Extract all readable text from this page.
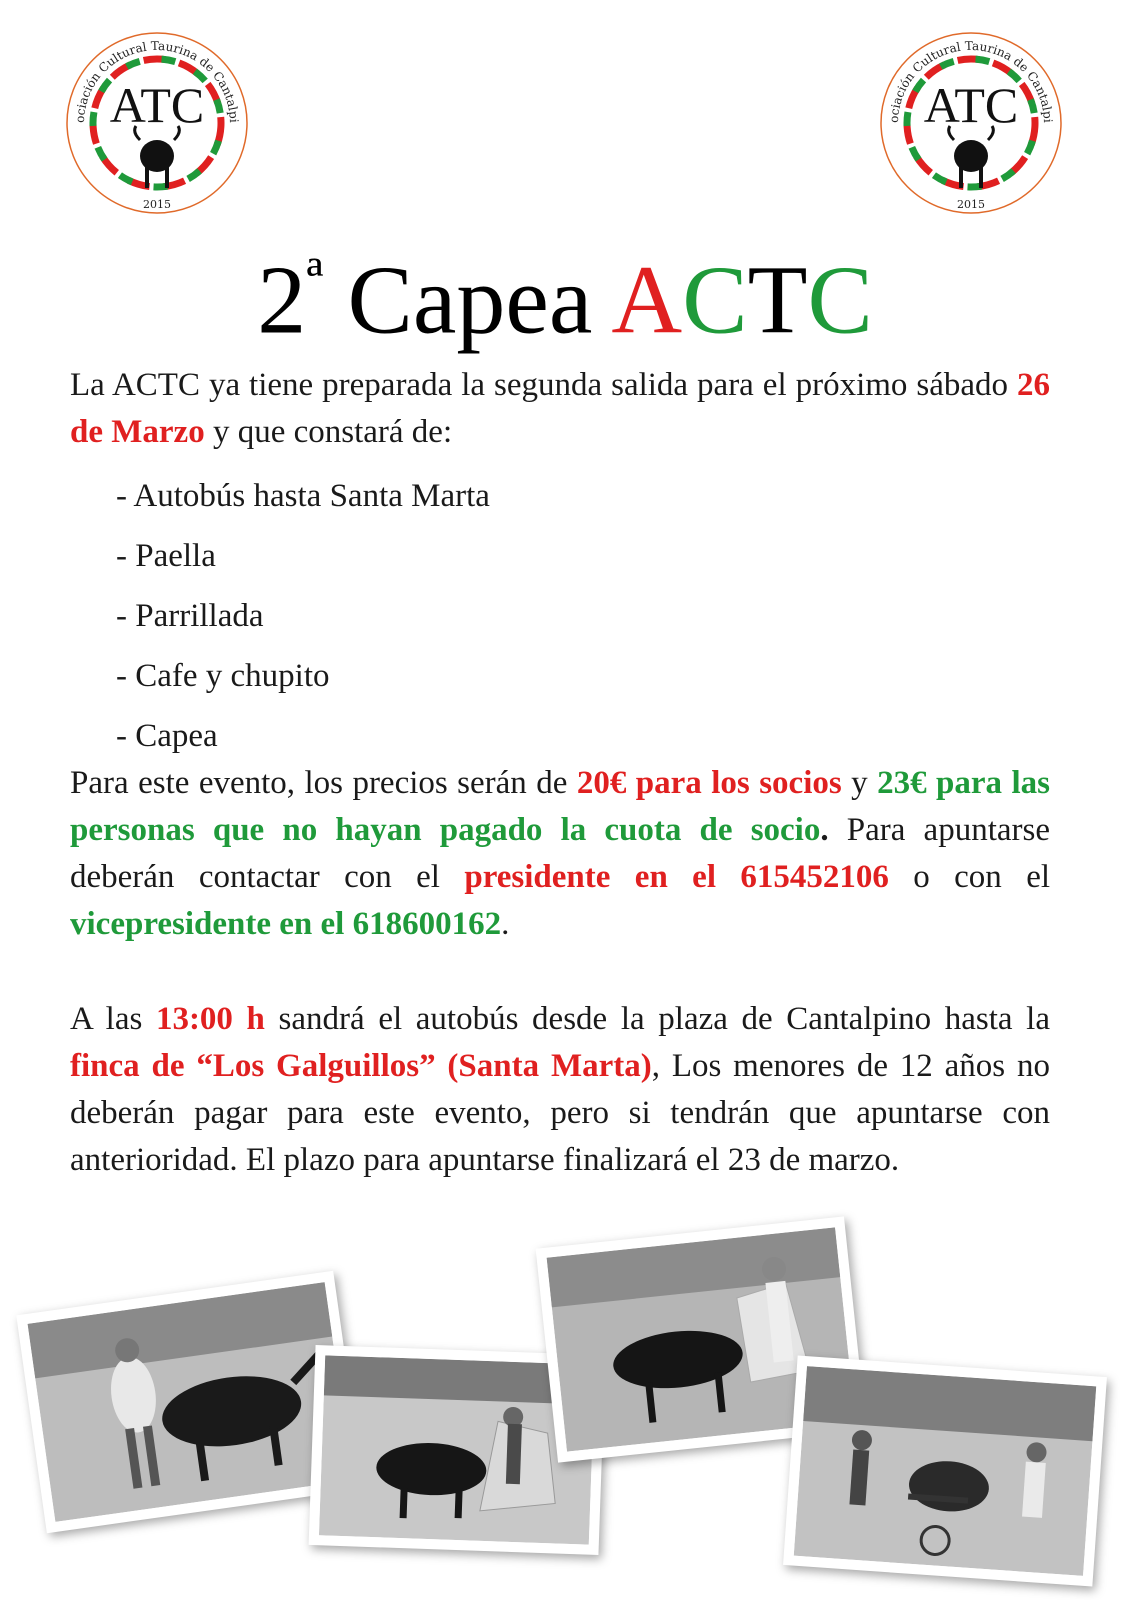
ociación Cultural Taurina de Cantalpi
ATC
2015
ociación Cultural Taurina de Cantalpi
ATC
2015
$2^ª$ Capea ACTC
La ACTC ya tiene preparada la segunda salida para el próximo sábado 26 de Marzo y que constará de:
- Autobús hasta Santa Marta
- Paella
- Parrillada
- Cafe y chupito
- Capea
Para este evento, los precios serán de 20€ para los socios y 23€ para las personas que no hayan pagado la cuota de socio. Para apuntarse deberán contactar con el presidente en el 615452106 o con el vicepresidente en el 618600162.
A las 13:00 h sandrá el autobús desde la plaza de Cantalpino hasta la finca de “Los Galguillos” (Santa Marta), Los menores de 12 años no deberán pagar para este evento, pero si tendrán que apuntarse con anterioridad. El plazo para apuntarse finalizará el 23 de marzo.
